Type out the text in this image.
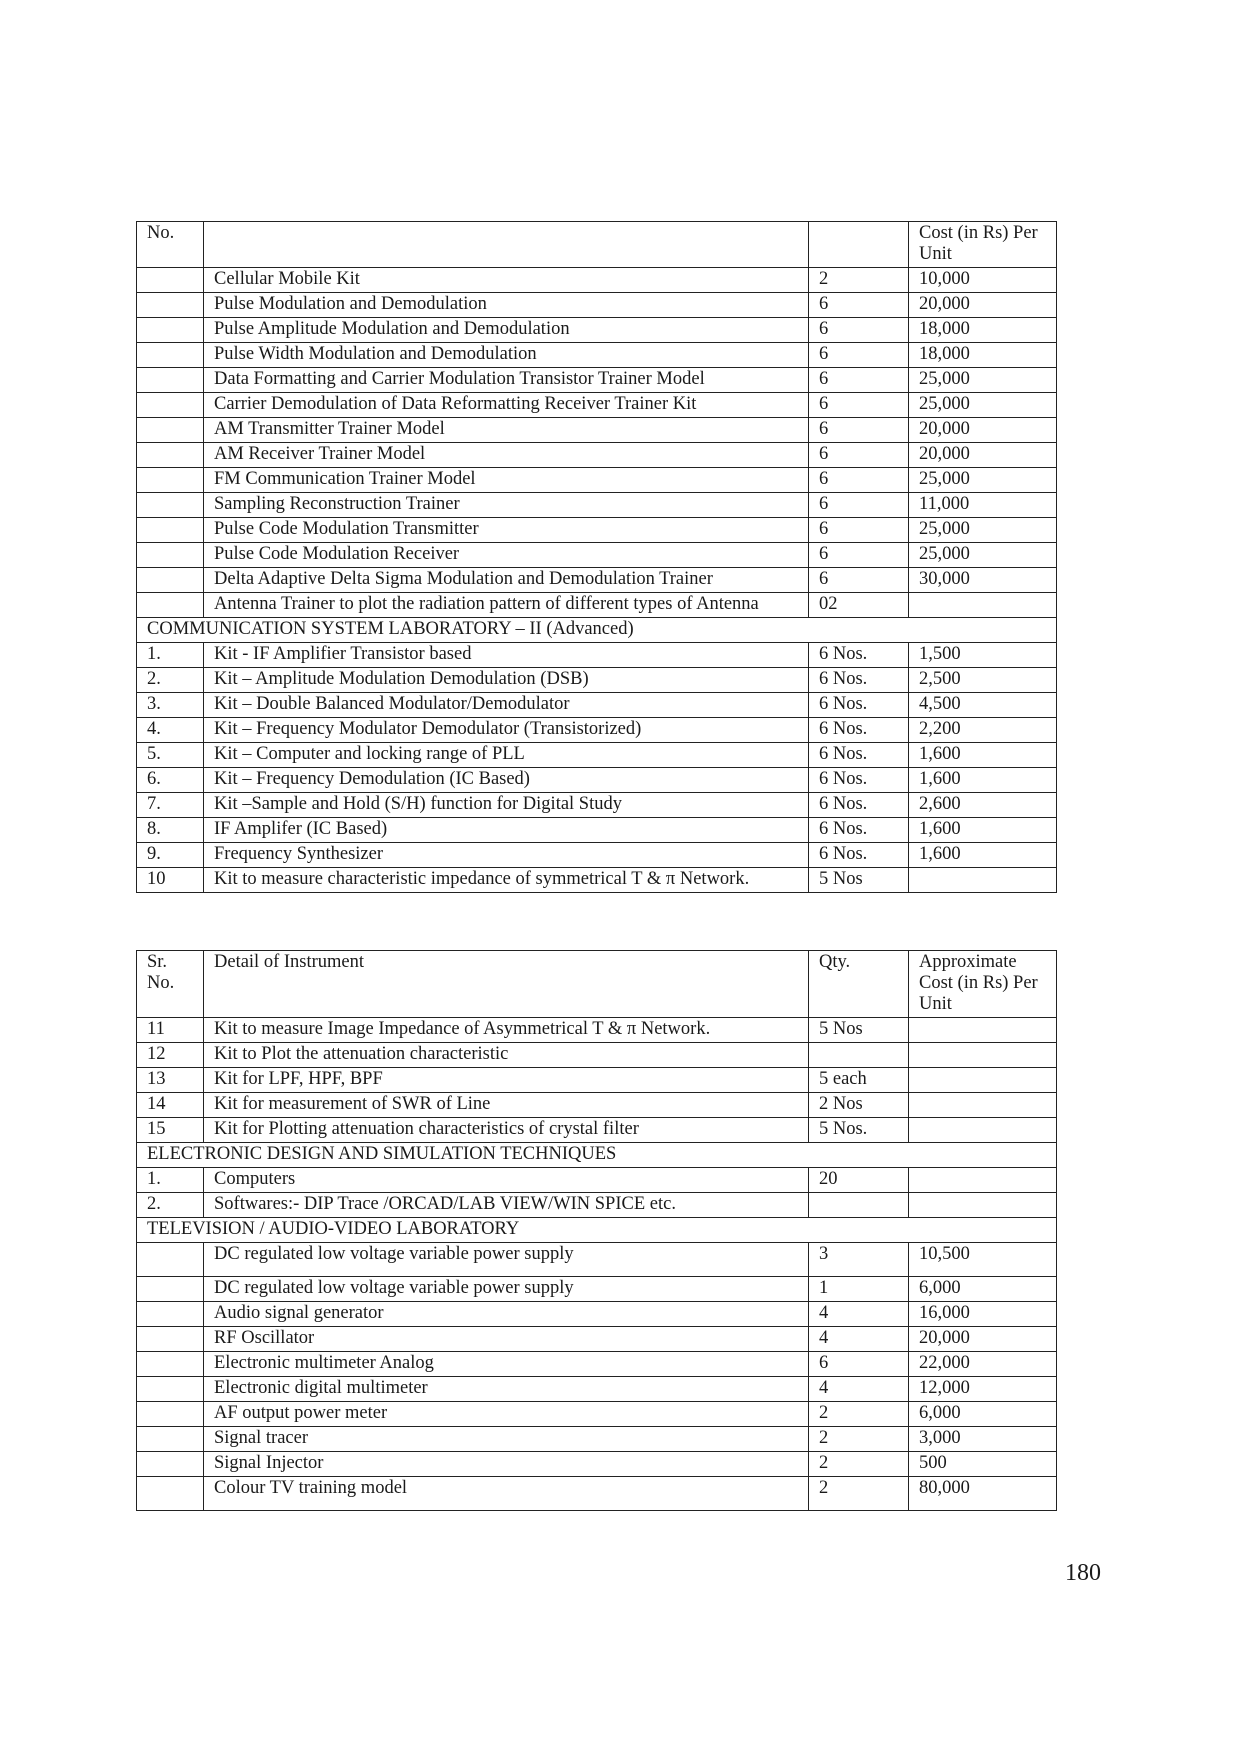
No.			Cost (in Rs) Per Unit
	Cellular Mobile Kit	2	10,000
	Pulse Modulation and Demodulation	6	20,000
	Pulse Amplitude Modulation and Demodulation	6	18,000
	Pulse Width Modulation and Demodulation	6	18,000
	Data Formatting and Carrier Modulation Transistor Trainer Model	6	25,000
	Carrier Demodulation of Data Reformatting Receiver Trainer Kit	6	25,000
	AM Transmitter Trainer Model	6	20,000
	AM Receiver Trainer Model	6	20,000
	FM Communication Trainer Model	6	25,000
	Sampling Reconstruction Trainer	6	11,000
	Pulse Code Modulation Transmitter	6	25,000
	Pulse Code Modulation Receiver	6	25,000
	Delta Adaptive Delta Sigma Modulation and Demodulation Trainer	6	30,000
	Antenna Trainer to plot the radiation pattern of different types of Antenna	02	
COMMUNICATION SYSTEM LABORATORY – II (Advanced)			
1.	Kit - IF Amplifier Transistor based	6 Nos.	1,500
2.	Kit – Amplitude Modulation Demodulation (DSB)	6 Nos.	2,500
3.	Kit – Double Balanced Modulator/Demodulator	6 Nos.	4,500
4.	Kit – Frequency Modulator Demodulator (Transistorized)	6 Nos.	2,200
5.	Kit – Computer and locking range of PLL	6 Nos.	1,600
6.	Kit – Frequency Demodulation (IC Based)	6 Nos.	1,600
7.	Kit –Sample and Hold (S/H) function for Digital Study	6 Nos.	2,600
8.	IF Amplifer (IC Based)	6 Nos.	1,600
9.	Frequency Synthesizer	6 Nos.	1,600
10	Kit to measure characteristic impedance of symmetrical T & π Network.	5 Nos	
Sr. No.	Detail of Instrument	Qty.	Approximate Cost (in Rs) Per Unit
11	Kit to measure Image Impedance of Asymmetrical T & π Network.	5 Nos	
12	Kit to Plot the attenuation characteristic		
13	Kit for LPF, HPF, BPF	5 each	
14	Kit for measurement of SWR of Line	2 Nos	
15	Kit for Plotting attenuation characteristics of crystal filter	5 Nos.	
ELECTRONIC DESIGN AND SIMULATION TECHNIQUES			
1.	Computers	20	
2.	Softwares:- DIP Trace /ORCAD/LAB VIEW/WIN SPICE etc.		
TELEVISION / AUDIO-VIDEO LABORATORY			
	DC regulated low voltage variable power supply	3	10,500
	DC regulated low voltage variable power supply	1	6,000
	Audio signal generator	4	16,000
	RF Oscillator	4	20,000
	Electronic multimeter Analog	6	22,000
	Electronic digital multimeter	4	12,000
	AF output power meter	2	6,000
	Signal tracer	2	3,000
	Signal Injector	2	500
	Colour TV training model	2	80,000
180
